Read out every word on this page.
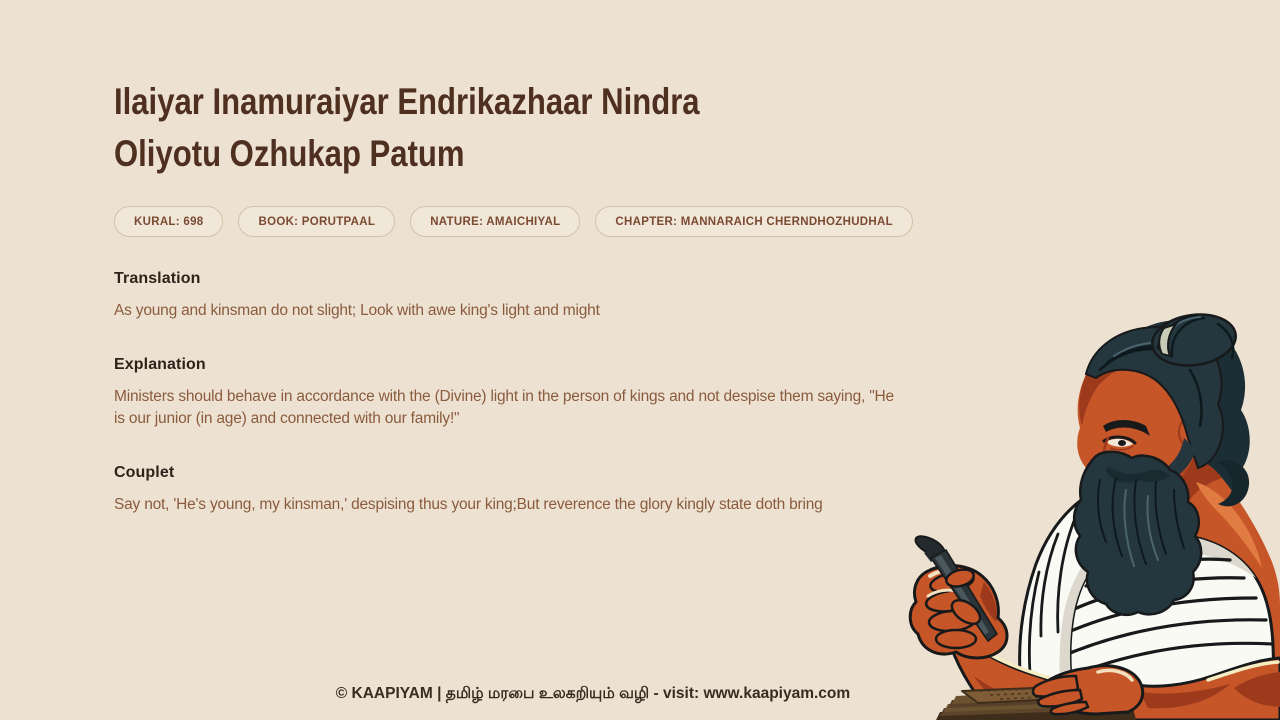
Ilaiyar Inamuraiyar Endrikazhaar Nindra
Oliyotu Ozhukap Patum
KURAL: 698	BOOK: PORUTPAAL	NATURE: AMAICHIYAL	CHAPTER: MANNARAICH CHERNDHOZHUDHAL
Translation

As young and kinsman do not slight; Look with awe king's light and might

Explanation

Ministers should behave in accordance with the (Divine) light in the person of kings and not despise them saying, "He is our junior (in age) and connected with our family!"

Couplet

Say not, 'He's young, my kinsman,' despising thus your king;But reverence the glory kingly state doth bring

© KAAPIYAM | தமிழ் மரபை உலகறியும் வழி - visit: www.kaapiyam.com
